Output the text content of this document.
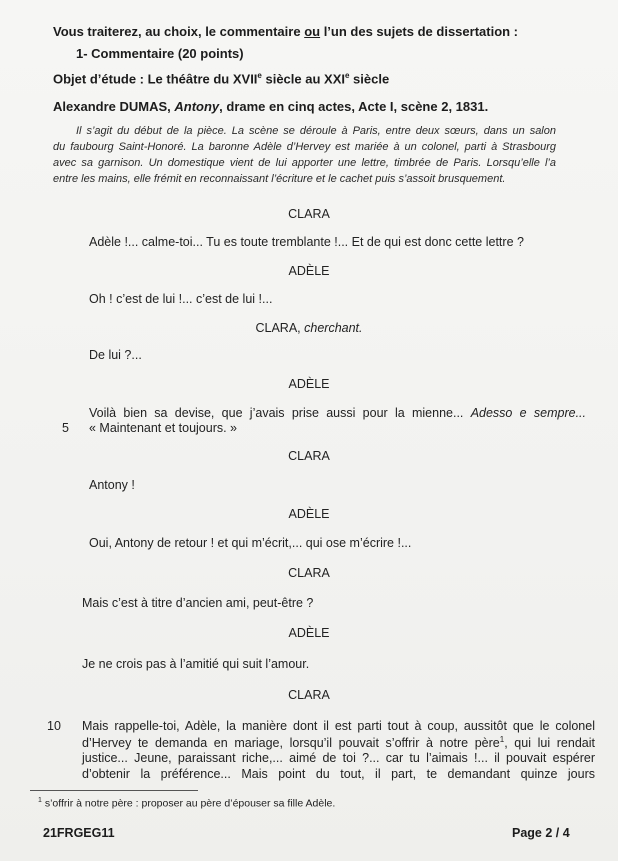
Vous traiterez, au choix, le commentaire ou l’un des sujets de dissertation :
1- Commentaire (20 points)
Objet d’étude : Le théâtre du XVIIe siècle au XXIe siècle
Alexandre DUMAS, Antony, drame en cinq actes, Acte I, scène 2, 1831.
Il s’agit du début de la pièce. La scène se déroule à Paris, entre deux sœurs, dans un salon
du faubourg Saint-Honoré. La baronne Adèle d’Hervey est mariée à un colonel, parti à Strasbourg
avec sa garnison. Un domestique vient de lui apporter une lettre, timbrée de Paris. Lorsqu’elle l’a
entre les mains, elle frémit en reconnaissant l’écriture et le cachet puis s’assoit brusquement.
CLARA
Adèle !... calme-toi... Tu es toute tremblante !... Et de qui est donc cette lettre ?
ADÈLE
Oh ! c’est de lui !... c’est de lui !...
CLARA, cherchant.
De lui ?...
ADÈLE
Voilà bien sa devise, que j’avais prise aussi pour la mienne... Adesso e sempre...
5 « Maintenant et toujours. »
CLARA
Antony !
ADÈLE
Oui, Antony de retour ! et qui m’écrit,... qui ose m’écrire !...
CLARA
Mais c’est à titre d’ancien ami, peut-être ?
ADÈLE
Je ne crois pas à l’amitié qui suit l’amour.
CLARA
10 Mais rappelle-toi, Adèle, la manière dont il est parti tout à coup, aussitôt que le colonel
d’Hervey te demanda en mariage, lorsqu’il pouvait s’offrir à notre père$^1$, qui lui rendait
justice... Jeune, paraissant riche,... aimé de toi ?... car tu l’aimais !... il pouvait espérer
d’obtenir la préférence... Mais point du tout, il part, te demandant quinze jours
$^1$ s’offrir à notre père : proposer au père d’épouser sa fille Adèle.
21FRGEG11	Page 2 / 4
